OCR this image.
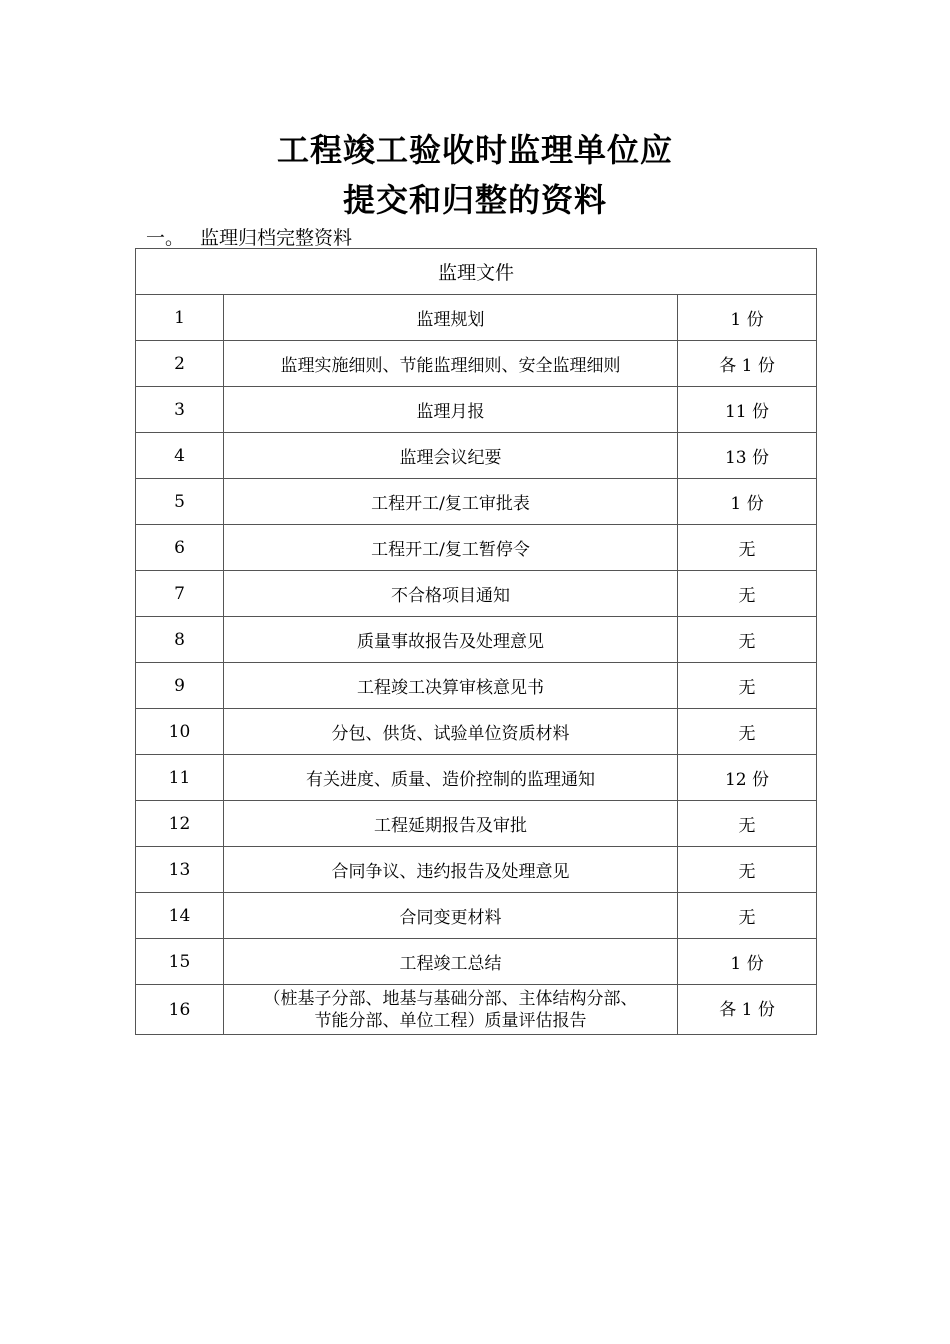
工程竣工验收时监理单位应
提交和归整的资料
一。 监理归档完整资料
监理文件		
1	监理规划	1 份
2	监理实施细则、节能监理细则、安全监理细则	各 1 份
3	监理月报	11 份
4	监理会议纪要	13 份
5	工程开工/复工审批表	1 份
6	工程开工/复工暂停令	无
7	不合格项目通知	无
8	质量事故报告及处理意见	无
9	工程竣工决算审核意见书	无
10	分包、供货、试验单位资质材料	无
11	有关进度、质量、造价控制的监理通知	12 份
12	工程延期报告及审批	无
13	合同争议、违约报告及处理意见	无
14	合同变更材料	无
15	工程竣工总结	1 份
16	（桩基子分部、地基与基础分部、主体结构分部、
节能分部、单位工程）质量评估报告	各 1 份
